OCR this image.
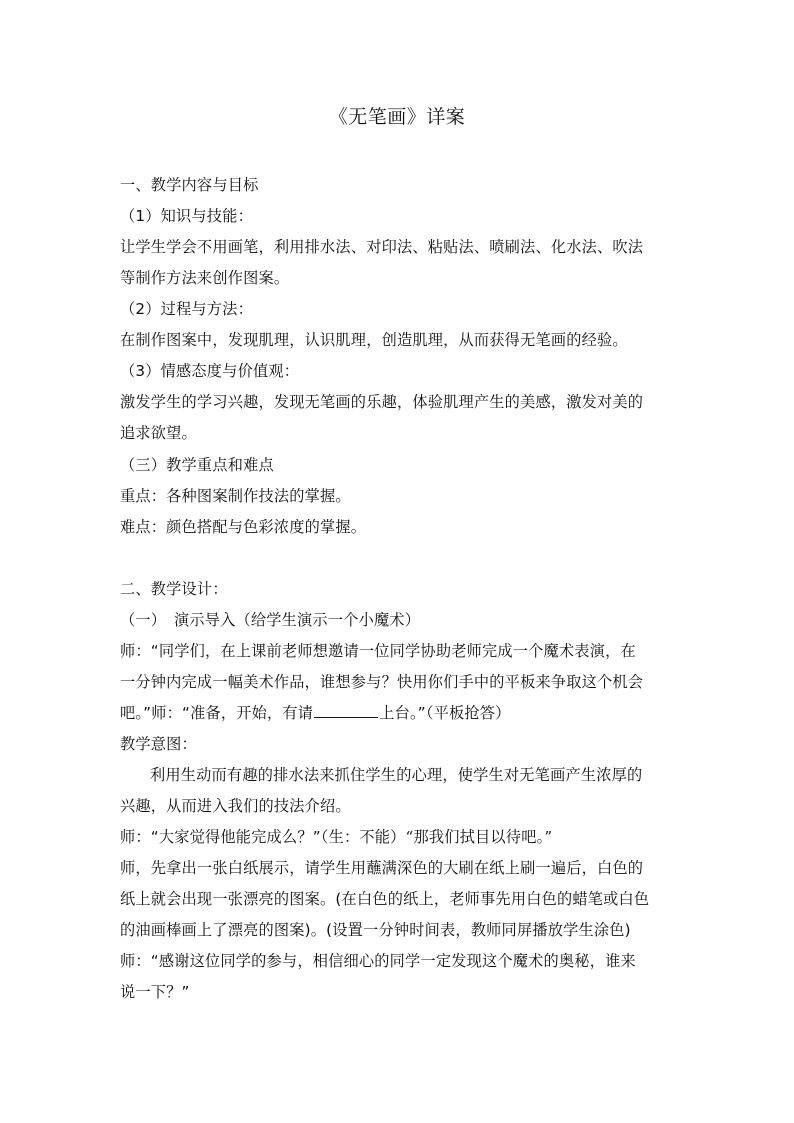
《无笔画》详案
一、教学内容与目标
（1）知识与技能：
让学生学会不用画笔，利用排水法、对印法、粘贴法、喷刷法、化水法、吹法
等制作方法来创作图案。
（2）过程与方法：
在制作图案中，发现肌理，认识肌理，创造肌理，从而获得无笔画的经验。
（3）情感态度与价值观：
激发学生的学习兴趣，发现无笔画的乐趣，体验肌理产生的美感，激发对美的
追求欲望。
（三）教学重点和难点
重点：各种图案制作技法的掌握。
难点：颜色搭配与色彩浓度的掌握。
二、教学设计：
（一）　演示导入（给学生演示一个小魔术）
师：“同学们，在上课前老师想邀请一位同学协助老师完成一个魔术表演，在
一分钟内完成一幅美术作品，谁想参与？快用你们手中的平板来争取这个机会
吧。”师：“准备，开始，有请	上台。”（平板抢答）
教学意图：
利用生动而有趣的排水法来抓住学生的心理，使学生对无笔画产生浓厚的
兴趣，从而进入我们的技法介绍。
师：“大家觉得他能完成么？”（生：不能）“那我们拭目以待吧。”
师，先拿出一张白纸展示，请学生用蘸满深色的大刷在纸上刷一遍后，白色的
纸上就会出现一张漂亮的图案。(在白色的纸上，老师事先用白色的蜡笔或白色
的油画棒画上了漂亮的图案)。(设置一分钟时间表，教师同屏播放学生涂色)
师：“感谢这位同学的参与，相信细心的同学一定发现这个魔术的奥秘，谁来
说一下？”
